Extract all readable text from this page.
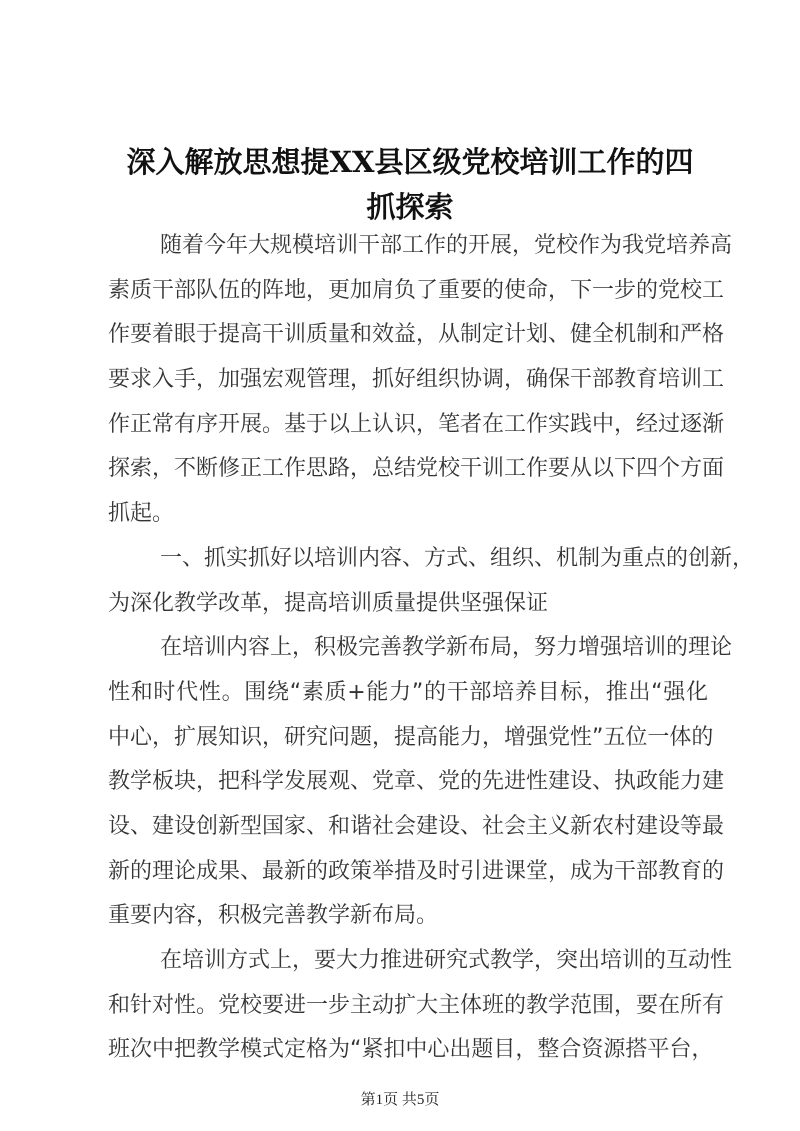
深入解放思想提XX县区级党校培训工作的四
抓探索
随着今年大规模培训干部工作的开展，党校作为我党培养高
素质干部队伍的阵地，更加肩负了重要的使命，下一步的党校工
作要着眼于提高干训质量和效益，从制定计划、健全机制和严格
要求入手，加强宏观管理，抓好组织协调，确保干部教育培训工
作正常有序开展。基于以上认识，笔者在工作实践中，经过逐渐
探索，不断修正工作思路，总结党校干训工作要从以下四个方面
抓起。
一、抓实抓好以培训内容、方式、组织、机制为重点的创新，
为深化教学改革，提高培训质量提供坚强保证
在培训内容上，积极完善教学新布局，努力增强培训的理论
性和时代性。围绕“素质+能力”的干部培养目标，推出“强化
中心，扩展知识，研究问题，提高能力，增强党性”五位一体的
教学板块，把科学发展观、党章、党的先进性建设、执政能力建
设、建设创新型国家、和谐社会建设、社会主义新农村建设等最
新的理论成果、最新的政策举措及时引进课堂，成为干部教育的
重要内容，积极完善教学新布局。
在培训方式上，要大力推进研究式教学，突出培训的互动性
和针对性。党校要进一步主动扩大主体班的教学范围，要在所有
班次中把教学模式定格为“紧扣中心出题目，整合资源搭平台，
第1页 共5页
